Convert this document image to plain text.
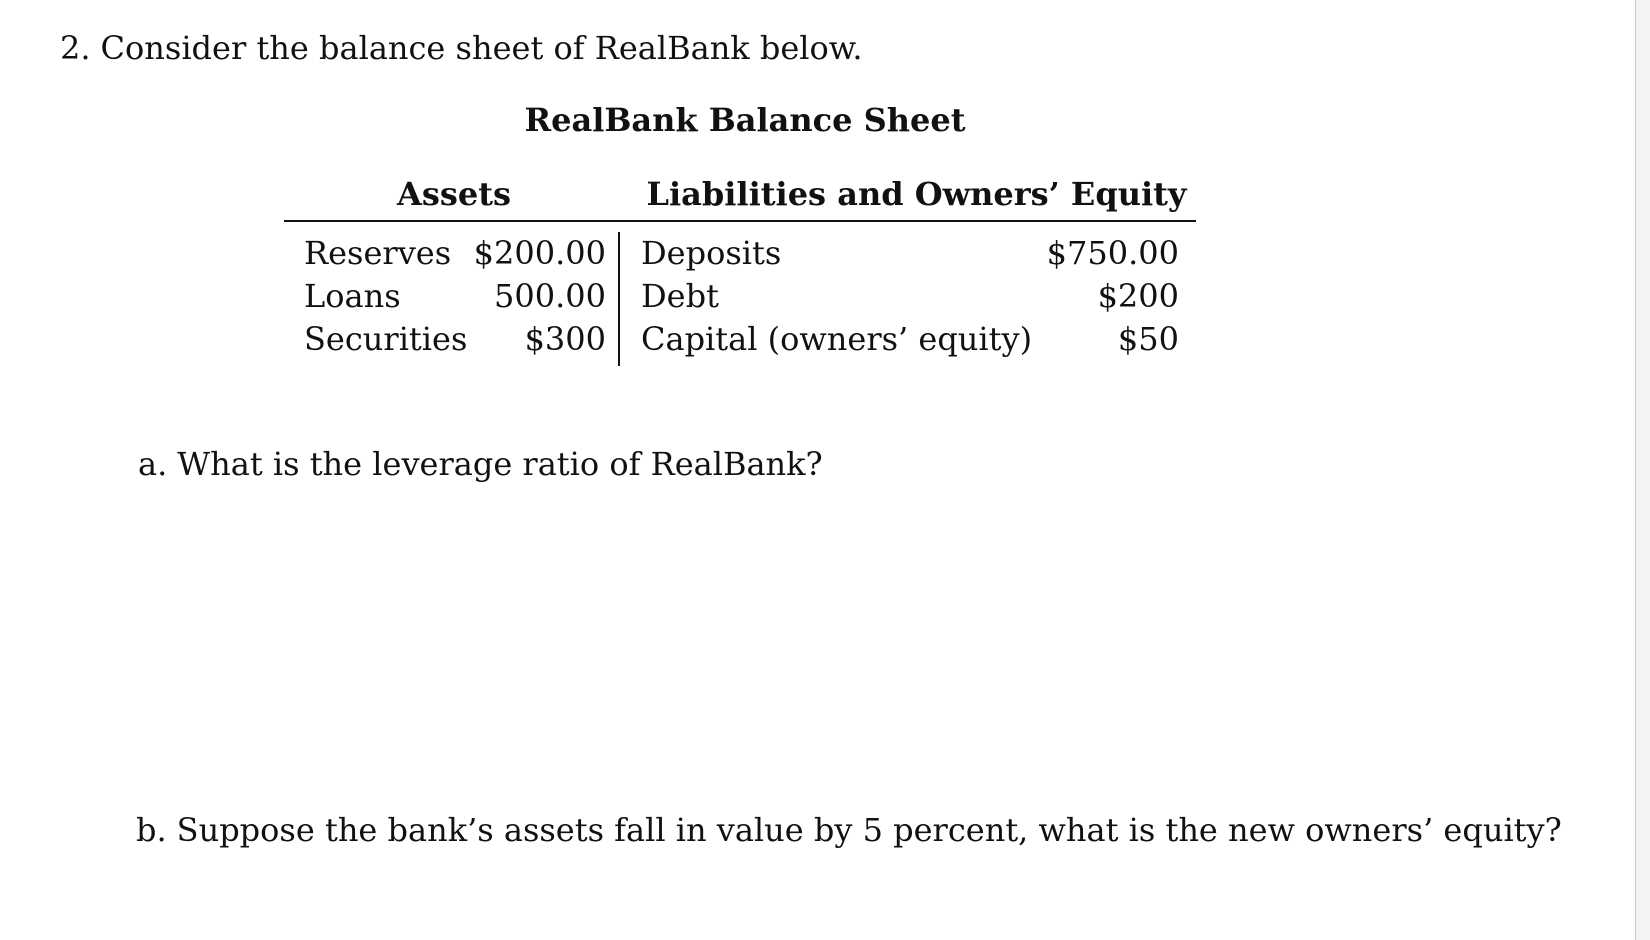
2. Consider the balance sheet of RealBank below.
RealBank Balance Sheet
Assets	Liabilities and Owners’ Equity
Reserves $200.00 Deposits	$750.00
Loans	500.00 Debt	$200
Securities	$300 Capital (owners’ equity)	$50
a. What is the leverage ratio of RealBank?
b. Suppose the bank’s assets fall in value by 5 percent, what is the new owners’ equity?
